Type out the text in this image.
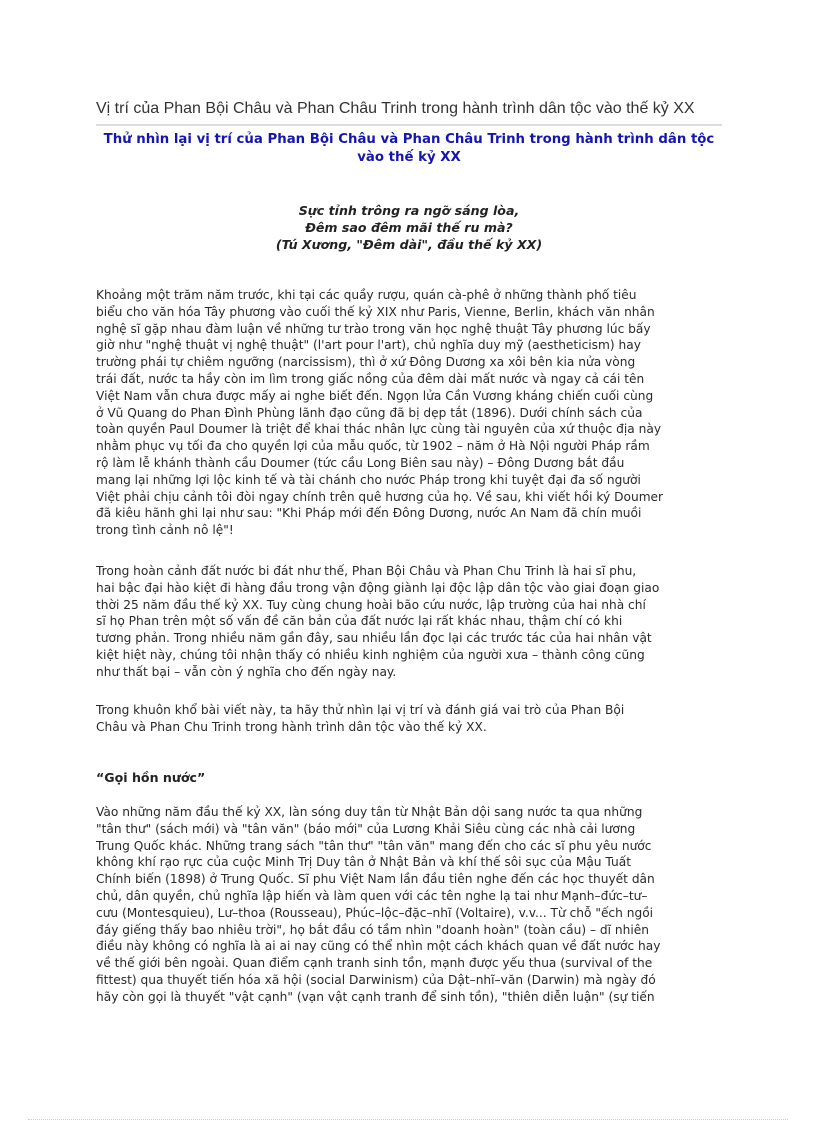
Vị trí của Phan Bội Châu và Phan Châu Trinh trong hành trình dân tộc vào thế kỷ XX
Thử nhìn lại vị trí của Phan Bội Châu và Phan Châu Trinh trong hành trình dân tộc
vào thế kỷ XX
Sực tỉnh trông ra ngỡ sáng lòa,
Đêm sao đêm mãi thế ru mà?
(Tú Xương, "Đêm dài", đầu thế kỷ XX)
Khoảng một trăm năm trước, khi tại các quầy rượu, quán cà-phê ở những thành phố tiêu
biểu cho văn hóa Tây phương vào cuối thế kỷ XIX như Paris, Vienne, Berlin, khách văn nhân
nghệ sĩ gặp nhau đàm luận về những tư trào trong văn học nghệ thuật Tây phương lúc bấy
giờ như "nghệ thuật vị nghệ thuật" (l'art pour l'art), chủ nghĩa duy mỹ (aestheticism) hay
trường phái tự chiêm ngưỡng (narcissism), thì ở xứ Đông Dương xa xôi bên kia nửa vòng
trái đất, nước ta hầy còn im lìm trong giấc nồng của đêm dài mất nước và ngay cả cái tên
Việt Nam vẫn chưa được mấy ai nghe biết đến. Ngọn lửa Cần Vương kháng chiến cuối cùng
ở Vũ Quang do Phan Đình Phùng lãnh đạo cũng đã bị dẹp tắt (1896). Dưới chính sách của
toàn quyền Paul Doumer là triệt để khai thác nhân lực cùng tài nguyên của xứ thuộc địa này
nhằm phục vụ tối đa cho quyền lợi của mẫu quốc, từ 1902 – năm ở Hà Nội người Pháp rầm
rộ làm lễ khánh thành cầu Doumer (tức cầu Long Biên sau này) – Đông Dương bắt đầu
mang lại những lợi lộc kinh tế và tài chánh cho nước Pháp trong khi tuyệt đại đa số người
Việt phải chịu cảnh tôi đòi ngay chính trên quê hương của họ. Về sau, khi viết hồi ký Doumer
đã kiêu hãnh ghi lại như sau: "Khi Pháp mới đến Đông Dương, nước An Nam đã chín muồi
trong tình cảnh nô lệ"!
Trong hoàn cảnh đất nước bi đát như thế, Phan Bội Châu và Phan Chu Trinh là hai sĩ phu,
hai bậc đại hào kiệt đi hàng đầu trong vận động giành lại độc lập dân tộc vào giai đoạn giao
thời 25 năm đầu thế kỷ XX. Tuy cùng chung hoài bão cứu nước, lập trường của hai nhà chí
sĩ họ Phan trên một số vấn đề căn bản của đất nước lại rất khác nhau, thậm chí có khi
tương phản. Trong nhiều năm gần đây, sau nhiều lần đọc lại các trước tác của hai nhân vật
kiệt hiệt này, chúng tôi nhận thấy có nhiều kinh nghiệm của người xưa – thành công cũng
như thất bại – vẫn còn ý nghĩa cho đến ngày nay.
Trong khuôn khổ bài viết này, ta hãy thử nhìn lại vị trí và đánh giá vai trò của Phan Bội
Châu và Phan Chu Trinh trong hành trình dân tộc vào thế kỷ XX.
“Gọi hồn nước”
Vào những năm đầu thế kỷ XX, làn sóng duy tân từ Nhật Bản dội sang nước ta qua những
"tân thư" (sách mới) và "tân văn" (báo mới" của Lương Khải Siêu cùng các nhà cải lương
Trung Quốc khác. Những trang sách "tân thư" "tân văn" mang đến cho các sĩ phu yêu nước
không khí rạo rực của cuộc Minh Trị Duy tân ở Nhật Bản và khí thế sôi sục của Mậu Tuất
Chính biến (1898) ở Trung Quốc. Sĩ phu Việt Nam lần đầu tiên nghe đến các học thuyết dân
chủ, dân quyền, chủ nghĩa lập hiến và làm quen với các tên nghe lạ tai như Mạnh–đức–tư–
cưu (Montesquieu), Lư–thoa (Rousseau), Phúc–lộc–đặc–nhĩ (Voltaire), v.v... Từ chỗ "ếch ngồi
đáy giếng thấy bao nhiêu trời", họ bắt đầu có tầm nhìn "doanh hoàn" (toàn cầu) – dĩ nhiên
điều này không có nghĩa là ai ai nay cũng có thể nhìn một cách khách quan về đất nước hay
về thế giới bên ngoài. Quan điểm cạnh tranh sinh tồn, mạnh được yếu thua (survival of the
fittest) qua thuyết tiến hóa xã hội (social Darwinism) của Dật–nhĩ–văn (Darwin) mà ngày đó
hãy còn gọi là thuyết "vật cạnh" (vạn vật cạnh tranh để sinh tồn), "thiên diễn luận" (sự tiến
